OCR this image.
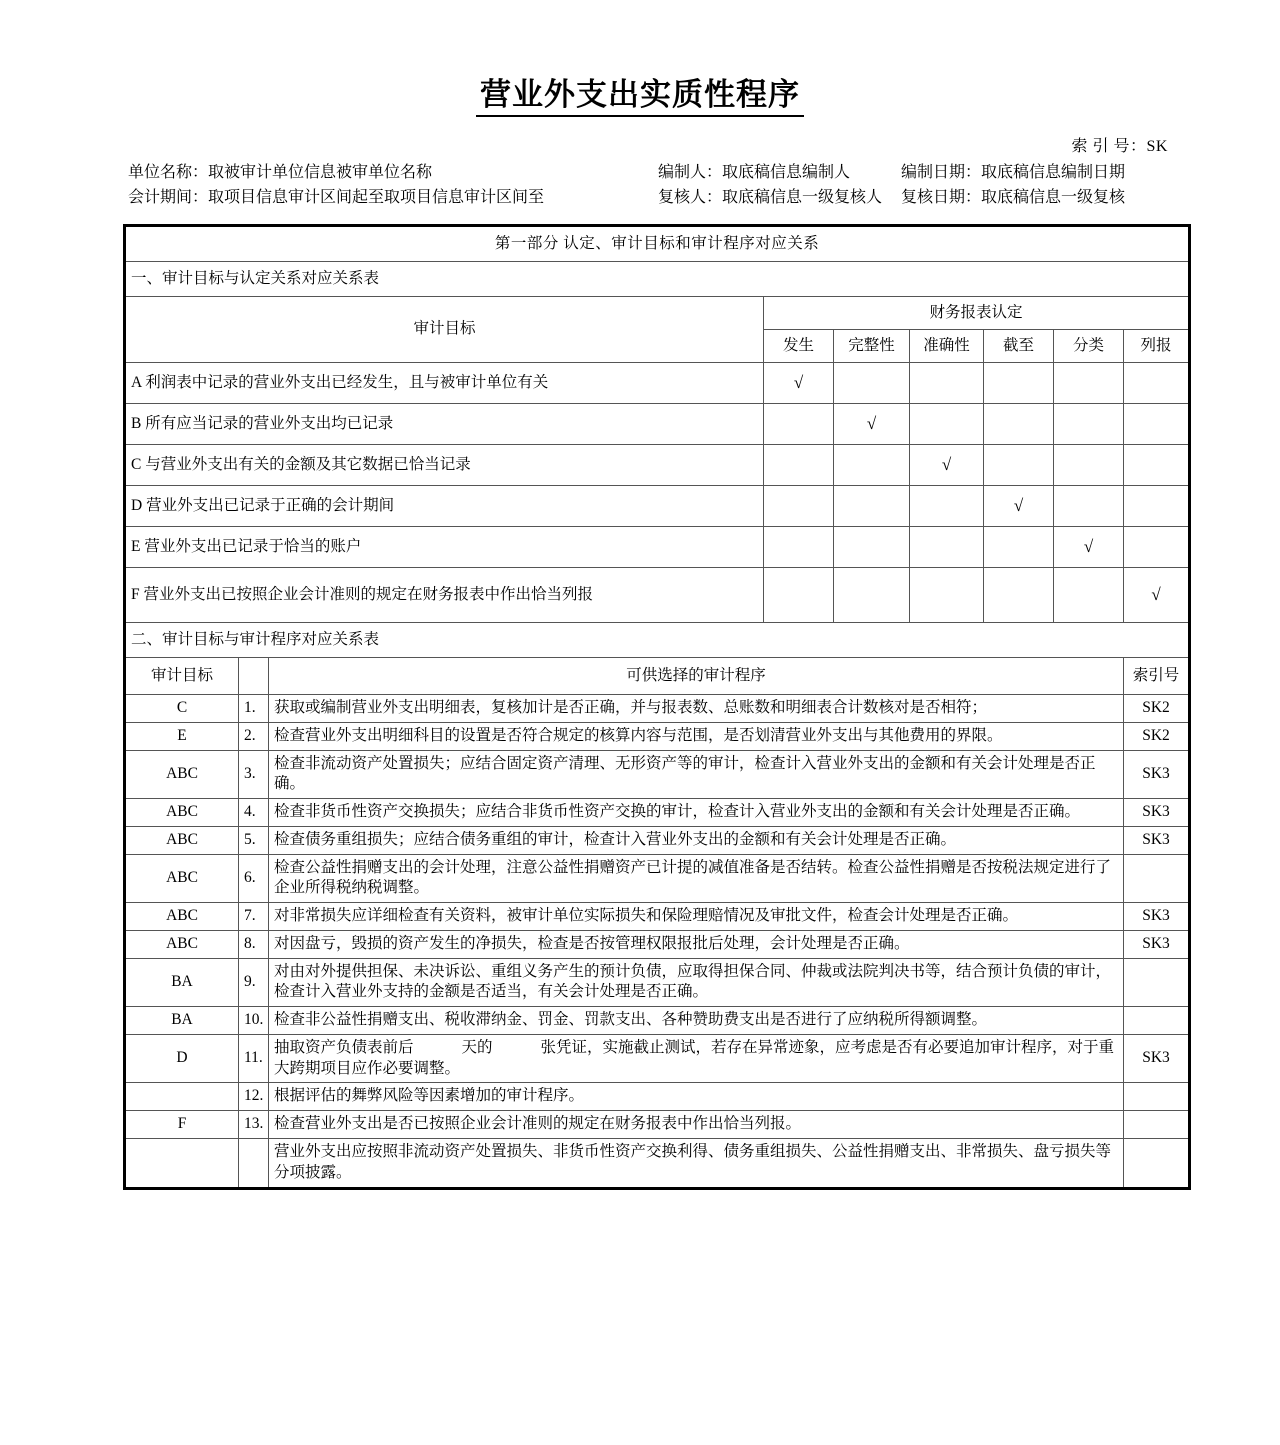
营业外支出实质性程序
索 引 号：SK
单位名称：取被审计单位信息被审单位名称	编制人：取底稿信息编制人	编制日期：取底稿信息编制日期
会计期间：取项目信息审计区间起至取项目信息审计区间至	复核人：取底稿信息一级复核人	复核日期：取底稿信息一级复核
第一部分 认定、审计目标和审计程序对应关系								
一、审计目标与认定关系对应关系表								
审计目标			财务报表认定					
			发生	完整性	准确性	截至	分类	列报
A 利润表中记录的营业外支出已经发生，且与被审计单位有关			√					
B 所有应当记录的营业外支出均已记录				√				
C 与营业外支出有关的金额及其它数据已恰当记录					√			
D 营业外支出已记录于正确的会计期间						√		
E 营业外支出已记录于恰当的账户							√	
F 营业外支出已按照企业会计准则的规定在财务报表中作出恰当列报								√
二、审计目标与审计程序对应关系表								
审计目标		可供选择的审计程序						索引号
C	1.	获取或编制营业外支出明细表，复核加计是否正确，并与报表数、总账数和明细表合计数核对是否相符；						SK2
E	2.	检查营业外支出明细科目的设置是否符合规定的核算内容与范围，是否划清营业外支出与其他费用的界限。						SK2
ABC	3.	检查非流动资产处置损失；应结合固定资产清理、无形资产等的审计，检查计入营业外支出的金额和有关会计处理是否正确。						SK3
ABC	4.	检查非货币性资产交换损失；应结合非货币性资产交换的审计，检查计入营业外支出的金额和有关会计处理是否正确。						SK3
ABC	5.	检查债务重组损失；应结合债务重组的审计，检查计入营业外支出的金额和有关会计处理是否正确。						SK3
ABC	6.	检查公益性捐赠支出的会计处理，注意公益性捐赠资产已计提的减值准备是否结转。检查公益性捐赠是否按税法规定进行了企业所得税纳税调整。						
ABC	7.	对非常损失应详细检查有关资料，被审计单位实际损失和保险理赔情况及审批文件，检查会计处理是否正确。						SK3
ABC	8.	对因盘亏，毁损的资产发生的净损失，检查是否按管理权限报批后处理，会计处理是否正确。						SK3
BA	9.	对由对外提供担保、未决诉讼、重组义务产生的预计负债，应取得担保合同、仲裁或法院判决书等，结合预计负债的审计，检查计入营业外支持的金额是否适当，有关会计处理是否正确。						
BA	10.	检查非公益性捐赠支出、税收滞纳金、罚金、罚款支出、各种赞助费支出是否进行了应纳税所得额调整。						
D	11.	抽取资产负债表前后 天的 张凭证，实施截止测试，若存在异常迹象，应考虑是否有必要追加审计程序，对于重大跨期项目应作必要调整。						SK3
	12.	根据评估的舞弊风险等因素增加的审计程序。						
F	13.	检查营业外支出是否已按照企业会计准则的规定在财务报表中作出恰当列报。						
		营业外支出应按照非流动资产处置损失、非货币性资产交换利得、债务重组损失、公益性捐赠支出、非常损失、盘亏损失等分项披露。						
